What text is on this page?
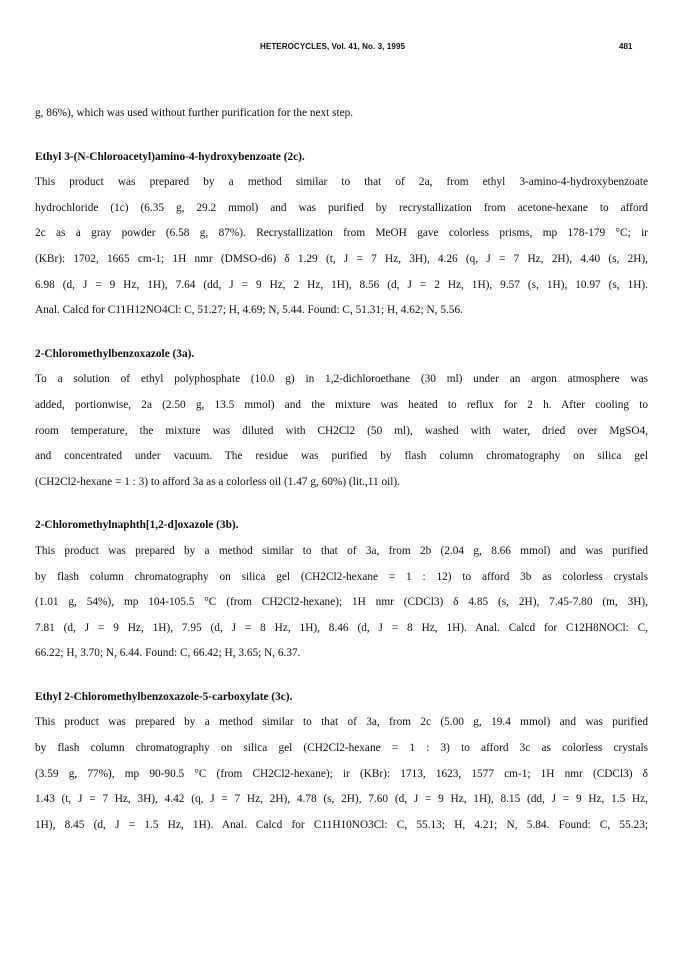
HETEROCYCLES, Vol. 41, No. 3, 1995	481
g, 86%), which was used without further purification for the next step.
Ethyl 3-(N-Chloroacetyl)amino-4-hydroxybenzoate (2c).
This product was prepared by a method similar to that of 2a, from ethyl 3-amino-4-hydroxybenzoate
hydrochloride (1c) (6.35 g, 29.2 mmol) and was purified by recrystallization from acetone-hexane to afford
2c as a gray powder (6.58 g, 87%). Recrystallization from MeOH gave colorless prisms, mp 178-179 °C; ir
(KBr): 1702, 1665 cm-1; 1H nmr (DMSO-d6) δ 1.29 (t, J = 7 Hz, 3H), 4.26 (q, J = 7 Hz, 2H), 4.40 (s, 2H),
6.98 (d, J = 9 Hz, 1H), 7.64 (dd, J = 9 Hz, 2 Hz, 1H), 8.56 (d, J = 2 Hz, 1H), 9.57 (s, 1H), 10.97 (s, 1H).
Anal. Calcd for C11H12NO4Cl: C, 51.27; H, 4.69; N, 5.44. Found: C, 51.31; H, 4.62; N, 5.56.
2-Chloromethylbenzoxazole (3a).
To a solution of ethyl polyphosphate (10.0 g) in 1,2-dichloroethane (30 ml) under an argon atmosphere was
added, portionwise, 2a (2.50 g, 13.5 mmol) and the mixture was heated to reflux for 2 h. After cooling to
room temperature, the mixture was diluted with CH2Cl2 (50 ml), washed with water, dried over MgSO4,
and concentrated under vacuum. The residue was purified by flash column chromatography on silica gel
(CH2Cl2-hexane = 1 : 3) to afford 3a as a colorless oil (1.47 g, 60%) (lit.,11 oil).
2-Chloromethylnaphth[1,2-d]oxazole (3b).
This product was prepared by a method similar to that of 3a, from 2b (2.04 g, 8.66 mmol) and was purified
by flash column chromatography on silica gel (CH2Cl2-hexane = 1 : 12) to afford 3b as colorless crystals
(1.01 g, 54%), mp 104-105.5 °C (from CH2Cl2-hexane); 1H nmr (CDCl3) δ 4.85 (s, 2H), 7.45-7.80 (m, 3H),
7.81 (d, J = 9 Hz, 1H), 7.95 (d, J = 8 Hz, 1H), 8.46 (d, J = 8 Hz, 1H). Anal. Calcd for C12H8NOCl: C,
66.22; H, 3.70; N, 6.44. Found: C, 66.42; H, 3.65; N, 6.37.
Ethyl 2-Chloromethylbenzoxazole-5-carboxylate (3c).
This product was prepared by a method similar to that of 3a, from 2c (5.00 g, 19.4 mmol) and was purified
by flash column chromatography on silica gel (CH2Cl2-hexane = 1 : 3) to afford 3c as colorless crystals
(3.59 g, 77%), mp 90-90.5 °C (from CH2Cl2-hexane); ir (KBr): 1713, 1623, 1577 cm-1; 1H nmr (CDCl3) δ
1.43 (t, J = 7 Hz, 3H), 4.42 (q, J = 7 Hz, 2H), 4.78 (s, 2H), 7.60 (d, J = 9 Hz, 1H), 8.15 (dd, J = 9 Hz, 1.5 Hz,
1H), 8.45 (d, J = 1.5 Hz, 1H). Anal. Calcd for C11H10NO3Cl: C, 55.13; H, 4.21; N, 5.84. Found: C, 55.23;
